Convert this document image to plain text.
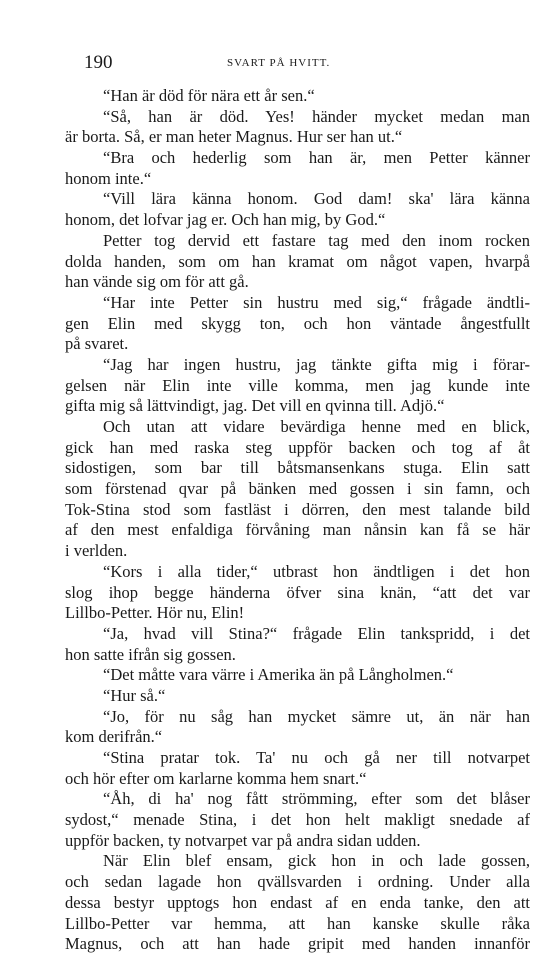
190	SVART PÅ HVITT.
“Han är död för nära ett år sen.“
“Så, han är död. Yes! händer mycket medan man
är borta. Så, er man heter Magnus. Hur ser han ut.“
“Bra och hederlig som han är, men Petter känner
honom inte.“
“Vill lära känna honom. God dam! ska' lära känna
honom, det lofvar jag er. Och han mig, by God.“
Petter tog dervid ett fastare tag med den inom rocken
dolda handen, som om han kramat om något vapen, hvarpå
han vände sig om för att gå.
“Har inte Petter sin hustru med sig,“ frågade ändtli-
gen Elin med skygg ton, och hon väntade ångestfullt
på svaret.
“Jag har ingen hustru, jag tänkte gifta mig i förar-
gelsen när Elin inte ville komma, men jag kunde inte
gifta mig så lättvindigt, jag. Det vill en qvinna till. Adjö.“
Och utan att vidare bevärdiga henne med en blick,
gick han med raska steg uppför backen och tog af åt
sidostigen, som bar till båtsmansenkans stuga. Elin satt
som förstenad qvar på bänken med gossen i sin famn, och
Tok-Stina stod som fastläst i dörren, den mest talande bild
af den mest enfaldiga förvåning man nånsin kan få se här
i verlden.
“Kors i alla tider,“ utbrast hon ändtligen i det hon
slog ihop begge händerna öfver sina knän, “att det var
Lillbo-Petter. Hör nu, Elin!
“Ja, hvad vill Stina?“ frågade Elin tankspridd, i det
hon satte ifrån sig gossen.
“Det måtte vara värre i Amerika än på Långholmen.“
“Hur så.“
“Jo, för nu såg han mycket sämre ut, än när han
kom derifrån.“
“Stina pratar tok. Ta' nu och gå ner till notvarpet
och hör efter om karlarne komma hem snart.“
“Åh, di ha' nog fått strömming, efter som det blåser
sydost,“ menade Stina, i det hon helt makligt snedade af
uppför backen, ty notvarpet var på andra sidan udden.
När Elin blef ensam, gick hon in och lade gossen,
och sedan lagade hon qvällsvarden i ordning. Under alla
dessa bestyr upptogs hon endast af en enda tanke, den att
Lillbo-Petter var hemma, att han kanske skulle råka
Magnus, och att han hade gripit med handen innanför
